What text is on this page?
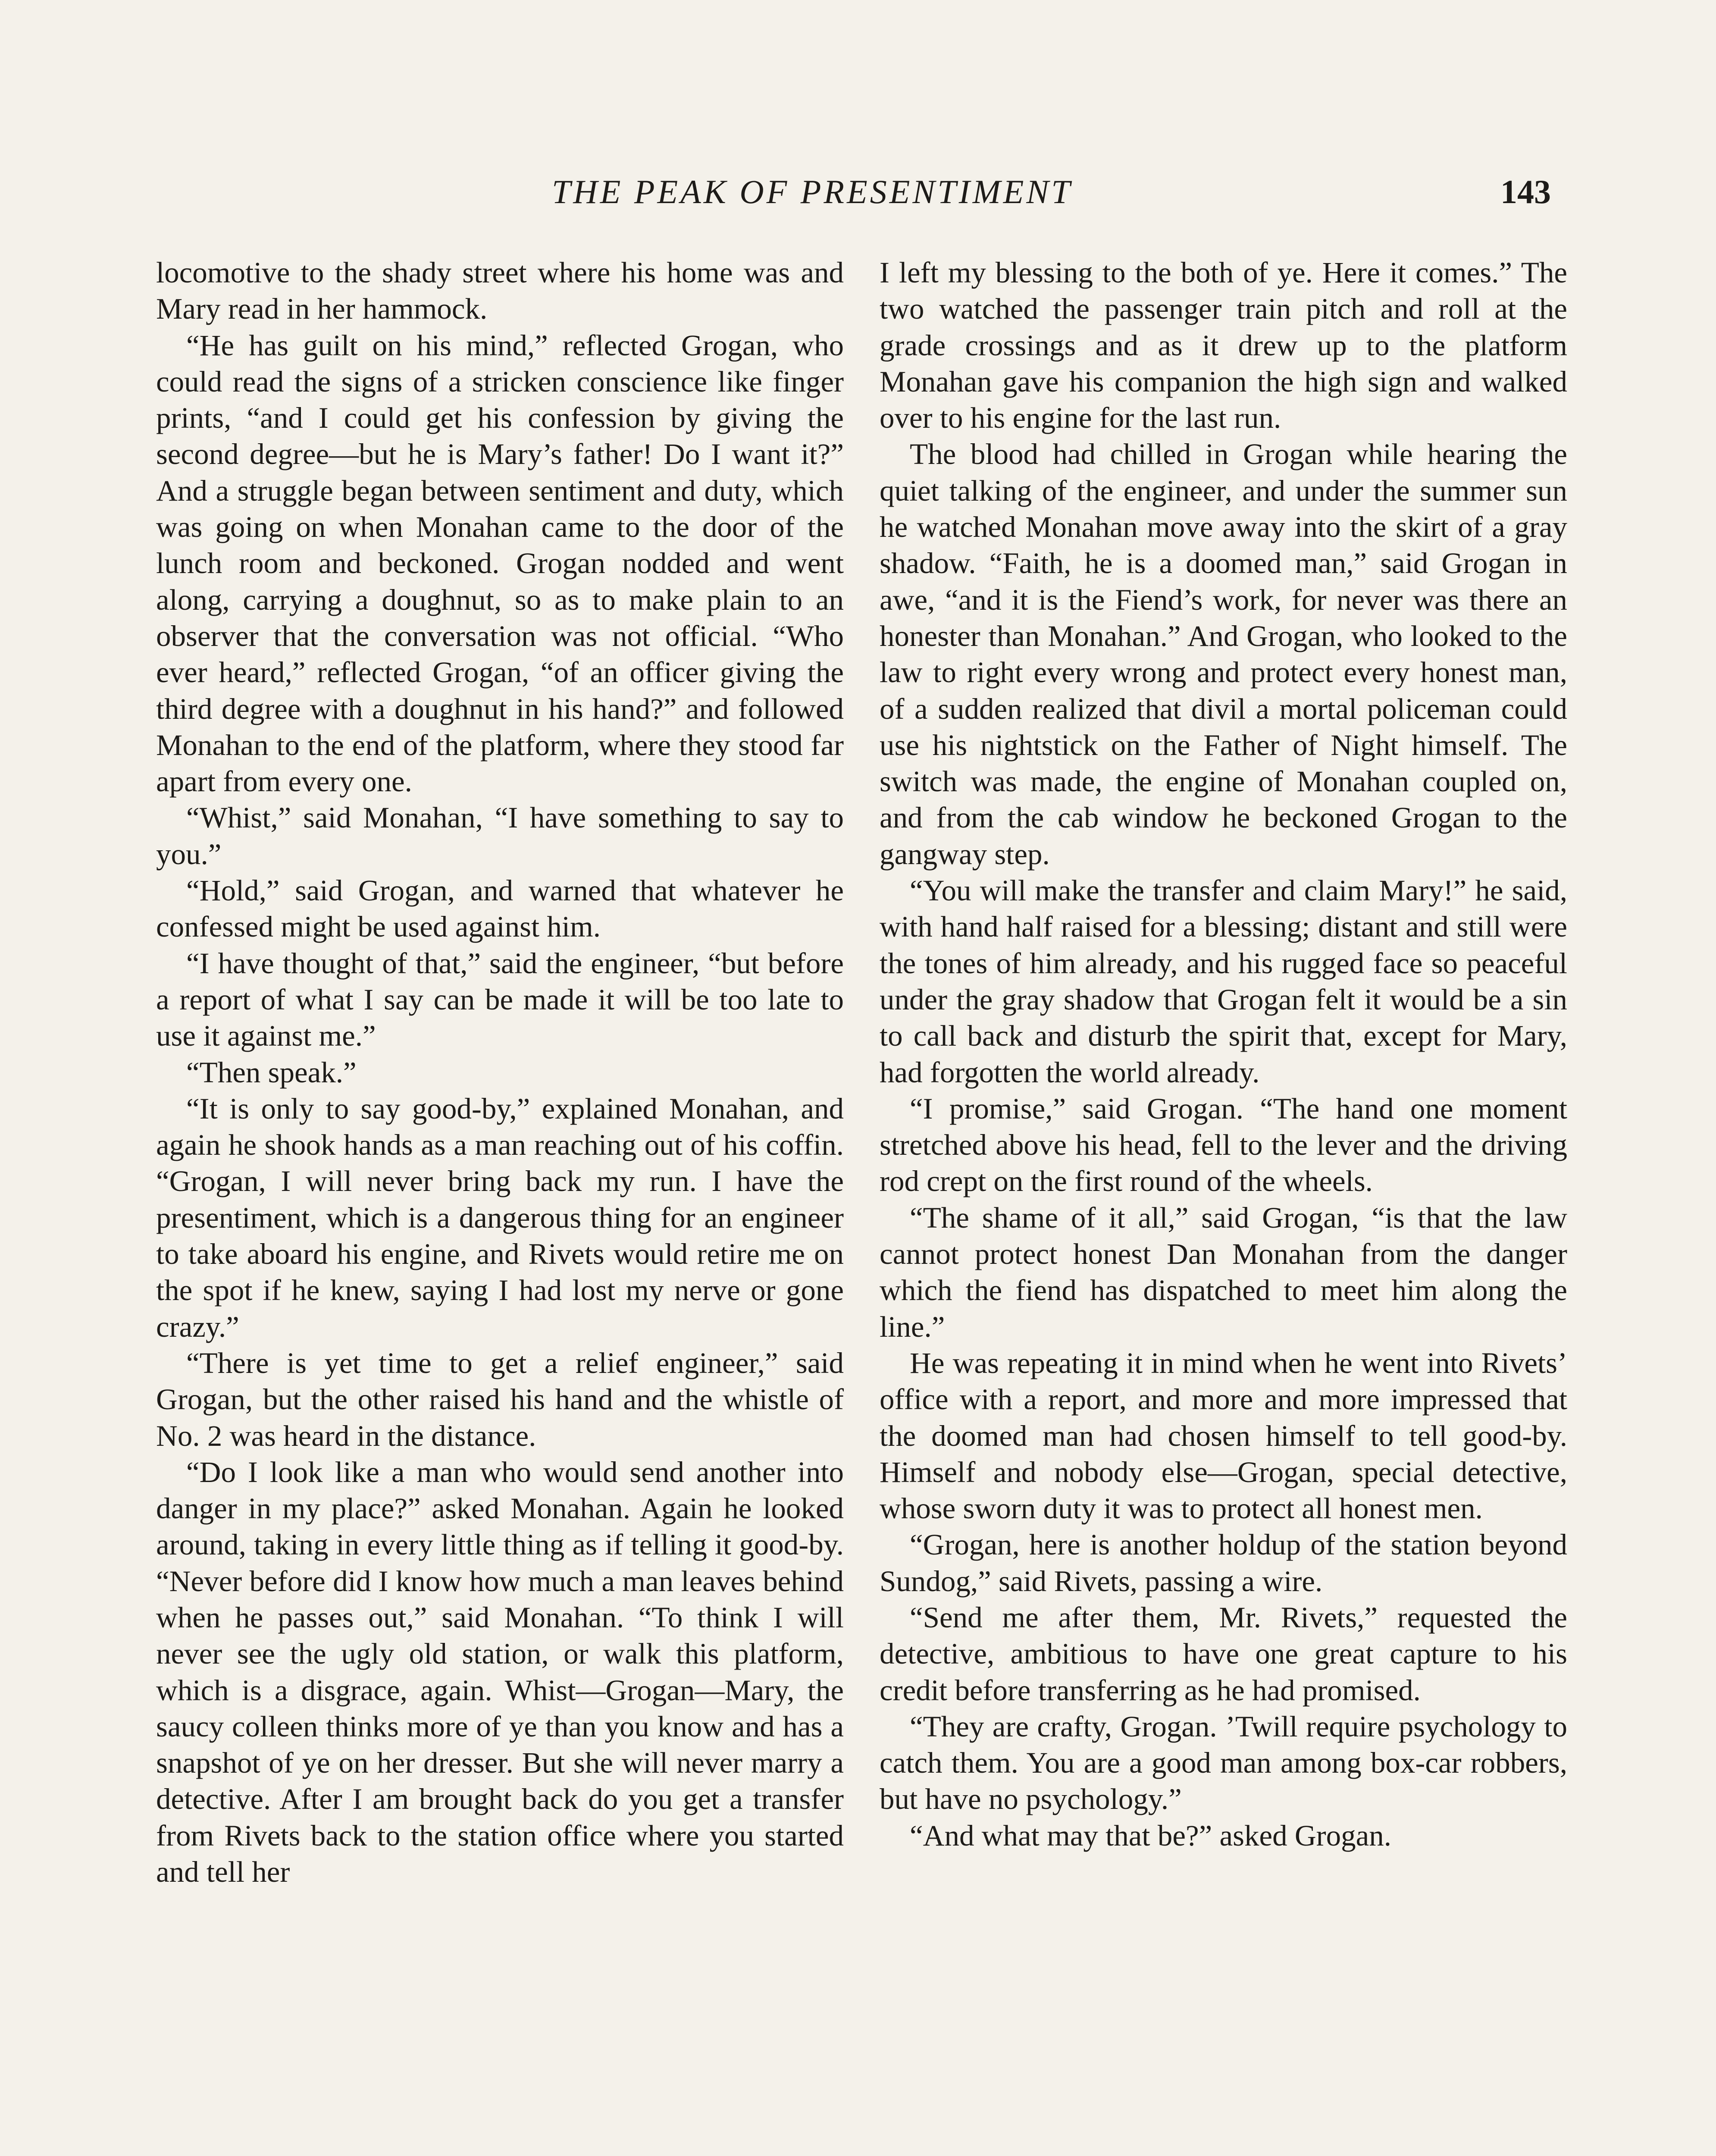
THE PEAK OF PRESENTIMENT	143

locomotive to the shady street where his home was and Mary read in her hammock.

“He has guilt on his mind,” reflected Grogan, who could read the signs of a stricken conscience like finger prints, “and I could get his confession by giving the second degree—but he is Mary’s father! Do I want it?” And a struggle began between sentiment and duty, which was going on when Monahan came to the door of the lunch room and beckoned. Grogan nodded and went along, carrying a doughnut, so as to make plain to an observer that the conversation was not official. “Who ever heard,” reflected Grogan, “of an officer giving the third degree with a doughnut in his hand?” and followed Monahan to the end of the platform, where they stood far apart from every one.

“Whist,” said Monahan, “I have something to say to you.”

“Hold,” said Grogan, and warned that whatever he confessed might be used against him.

“I have thought of that,” said the engineer, “but before a report of what I say can be made it will be too late to use it against me.”

“Then speak.”

“It is only to say good-by,” explained Monahan, and again he shook hands as a man reaching out of his coffin. “Grogan, I will never bring back my run. I have the presentiment, which is a dangerous thing for an engineer to take aboard his engine, and Rivets would retire me on the spot if he knew, saying I had lost my nerve or gone crazy.”

“There is yet time to get a relief engineer,” said Grogan, but the other raised his hand and the whistle of No. 2 was heard in the distance.

“Do I look like a man who would send another into danger in my place?” asked Monahan. Again he looked around, taking in every little thing as if telling it good-by. “Never before did I know how much a man leaves behind when he passes out,” said Monahan. “To think I will never see the ugly old station, or walk this platform, which is a disgrace, again. Whist—Grogan—Mary, the saucy colleen thinks more of ye than you know and has a snapshot of ye on her dresser. But she will never marry a detective. After I am brought back do you get a transfer from Rivets back to the station office where you started and tell her

I left my blessing to the both of ye. Here it comes.” The two watched the passenger train pitch and roll at the grade crossings and as it drew up to the platform Monahan gave his companion the high sign and walked over to his engine for the last run.

The blood had chilled in Grogan while hearing the quiet talking of the engineer, and under the summer sun he watched Monahan move away into the skirt of a gray shadow. “Faith, he is a doomed man,” said Grogan in awe, “and it is the Fiend’s work, for never was there an honester than Monahan.” And Grogan, who looked to the law to right every wrong and protect every honest man, of a sudden realized that divil a mortal policeman could use his nightstick on the Father of Night himself. The switch was made, the engine of Monahan coupled on, and from the cab window he beckoned Grogan to the gangway step.

“You will make the transfer and claim Mary!” he said, with hand half raised for a blessing; distant and still were the tones of him already, and his rugged face so peaceful under the gray shadow that Grogan felt it would be a sin to call back and disturb the spirit that, except for Mary, had forgotten the world already.

“I promise,” said Grogan. “The hand one moment stretched above his head, fell to the lever and the driving rod crept on the first round of the wheels.

“The shame of it all,” said Grogan, “is that the law cannot protect honest Dan Monahan from the danger which the fiend has dispatched to meet him along the line.”

He was repeating it in mind when he went into Rivets’ office with a report, and more and more impressed that the doomed man had chosen himself to tell good-by. Himself and nobody else—Grogan, special detective, whose sworn duty it was to protect all honest men.

“Grogan, here is another holdup of the station beyond Sundog,” said Rivets, passing a wire.

“Send me after them, Mr. Rivets,” requested the detective, ambitious to have one great capture to his credit before transferring as he had promised.

“They are crafty, Grogan. ’Twill require psychology to catch them. You are a good man among box-car robbers, but have no psychology.”

“And what may that be?” asked Grogan.
